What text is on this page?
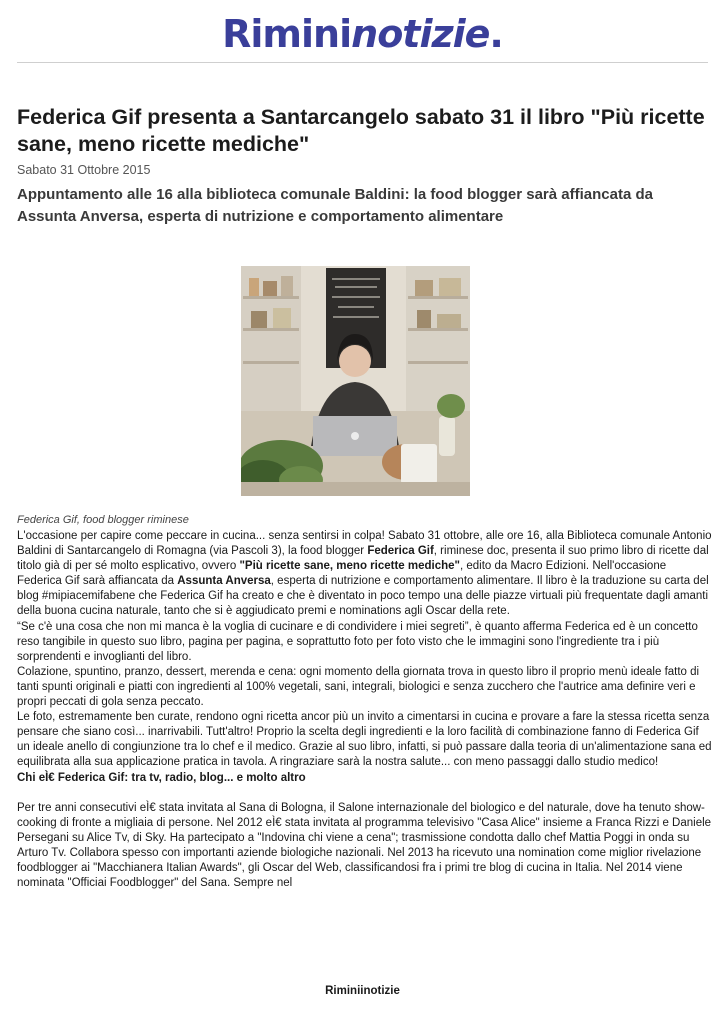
Rimininotizie.
Federica Gif presenta a Santarcangelo sabato 31 il libro "Più ricette sane, meno ricette mediche"
Sabato 31 Ottobre 2015
Appuntamento alle 16 alla biblioteca comunale Baldini: la food blogger sarà affiancata da Assunta Anversa, esperta di nutrizione e comportamento alimentare
Federica Gif, food blogger riminese

L'occasione per capire come peccare in cucina... senza sentirsi in colpa! Sabato 31 ottobre, alle ore 16, alla Biblioteca comunale Antonio Baldini di Santarcangelo di Romagna (via Pascoli 3), la food blogger Federica Gif, riminese doc, presenta il suo primo libro di ricette dal titolo già di per sé molto esplicativo, ovvero "Più ricette sane, meno ricette mediche", edito da Macro Edizioni. Nell'occasione Federica Gif sarà affiancata da Assunta Anversa, esperta di nutrizione e comportamento alimentare. Il libro è la traduzione su carta del blog #mipiacemifabene che Federica Gif ha creato e che è diventato in poco tempo una delle piazze virtuali più frequentate dagli amanti della buona cucina naturale, tanto che si è aggiudicato premi e nominations agli Oscar della rete.

“Se c'è una cosa che non mi manca è la voglia di cucinare e di condividere i miei segreti”, è quanto afferma Federica ed è un concetto reso tangibile in questo suo libro, pagina per pagina, e soprattutto foto per foto visto che le immagini sono l'ingrediente tra i più sorprendenti e invoglianti del libro.

Colazione, spuntino, pranzo, dessert, merenda e cena: ogni momento della giornata trova in questo libro il proprio menù ideale fatto di tanti spunti originali e piatti con ingredienti al 100% vegetali, sani, integrali, biologici e senza zucchero che l'autrice ama definire veri e propri peccati di gola senza peccato.

Le foto, estremamente ben curate, rendono ogni ricetta ancor più un invito a cimentarsi in cucina e provare a fare la stessa ricetta senza pensare che siano così... inarrivabili. Tutt'altro! Proprio la scelta degli ingredienti e la loro facilità di combinazione fanno di Federica Gif un ideale anello di congiunzione tra lo chef e il medico. Grazie al suo libro, infatti, si può passare dalla teoria di un'alimentazione sana ed equilibrata alla sua applicazione pratica in tavola. A ringraziare sarà la nostra salute... con meno passaggi dallo studio medico!

Chi eÌ€ Federica Gif: tra tv, radio, blog... e molto altro

Per tre anni consecutivi eÌ€ stata invitata al Sana di Bologna, il Salone internazionale del biologico e del naturale, dove ha tenuto show-cooking di fronte a migliaia di persone. Nel 2012 eÌ€ stata invitata al programma televisivo "Casa Alice" insieme a Franca Rizzi e Daniele Persegani su Alice Tv, di Sky. Ha partecipato a "Indovina chi viene a cena"; trasmissione condotta dallo chef Mattia Poggi in onda su Arturo Tv. Collabora spesso con importanti aziende biologiche nazionali. Nel 2013 ha ricevuto una nomination come miglior rivelazione foodblogger ai "Macchianera Italian Awards", gli Oscar del Web, classificandosi fra i primi tre blog di cucina in Italia. Nel 2014 viene nominata "Officiai Foodblogger" del Sana. Sempre nel

Riminiinotizie
